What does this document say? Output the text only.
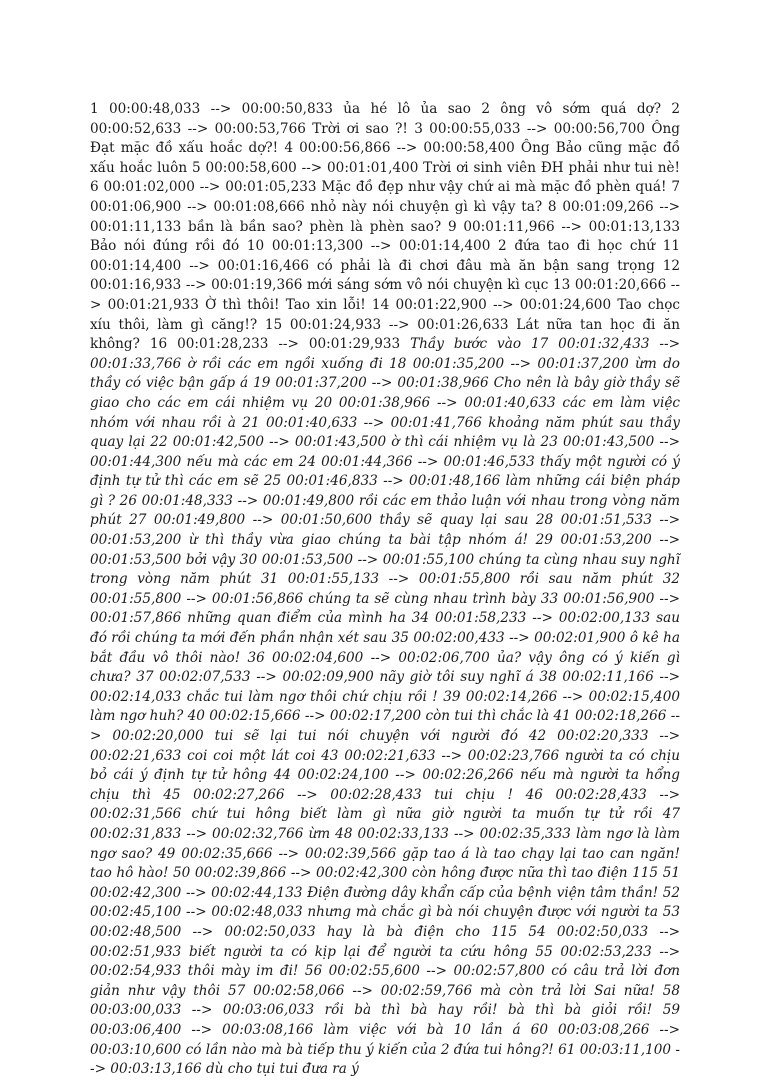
1 00:00:48,033 --> 00:00:50,833 ủa hé lô ủa sao 2 ông vô sớm quá dợ? 2 00:00:52,633 --> 00:00:53,766 Trời ơi sao ?! 3 00:00:55,033 --> 00:00:56,700 Ông Đạt mặc đồ xấu hoắc dợ?! 4 00:00:56,866 --> 00:00:58,400 Ông Bảo cũng mặc đồ xấu hoắc luôn 5 00:00:58,600 --> 00:01:01,400 Trời ơi sinh viên ĐH phải như tui nè! 6 00:01:02,000 --> 00:01:05,233 Mặc đồ đẹp như vậy chứ ai mà mặc đồ phèn quá! 7 00:01:06,900 --> 00:01:08,666 nhỏ này nói chuyện gì kì vậy ta? 8 00:01:09,266 --> 00:01:11,133 bần là bần sao? phèn là phèn sao? 9 00:01:11,966 --> 00:01:13,133 Bảo nói đúng rồi đó 10 00:01:13,300 --> 00:01:14,400 2 đứa tao đi học chứ 11 00:01:14,400 --> 00:01:16,466 có phải là đi chơi đâu mà ăn bận sang trọng 12 00:01:16,933 --> 00:01:19,366 mới sáng sớm vô nói chuyện kì cục 13 00:01:20,666 --> 00:01:21,933 Ờ thì thôi! Tao xin lỗi! 14 00:01:22,900 --> 00:01:24,600 Tao chọc xíu thôi, làm gì căng!? 15 00:01:24,933 --> 00:01:26,633 Lát nữa tan học đi ăn không? 16 00:01:28,233 --> 00:01:29,933 Thầy bước vào 17 00:01:32,433 --> 00:01:33,766 ờ rồi các em ngồi xuống đi 18 00:01:35,200 --> 00:01:37,200 ừm do thầy có việc bận gấp á 19 00:01:37,200 --> 00:01:38,966 Cho nên là bây giờ thầy sẽ giao cho các em cái nhiệm vụ 20 00:01:38,966 --> 00:01:40,633 các em làm việc nhóm với nhau rồi à 21 00:01:40,633 --> 00:01:41,766 khoảng năm phút sau thầy quay lại 22 00:01:42,500 --> 00:01:43,500 ờ thì cái nhiệm vụ là 23 00:01:43,500 --> 00:01:44,300 nếu mà các em 24 00:01:44,366 --> 00:01:46,533 thấy một người có ý định tự tử thì các em sẽ 25 00:01:46,833 --> 00:01:48,166 làm những cái biện pháp gì ? 26 00:01:48,333 --> 00:01:49,800 rồi các em thảo luận với nhau trong vòng năm phút 27 00:01:49,800 --> 00:01:50,600 thầy sẽ quay lại sau 28 00:01:51,533 --> 00:01:53,200 ừ thì thầy vừa giao chúng ta bài tập nhóm á! 29 00:01:53,200 --> 00:01:53,500 bởi vậy 30 00:01:53,500 --> 00:01:55,100 chúng ta cùng nhau suy nghĩ trong vòng năm phút 31 00:01:55,133 --> 00:01:55,800 rồi sau năm phút 32 00:01:55,800 --> 00:01:56,866 chúng ta sẽ cùng nhau trình bày 33 00:01:56,900 --> 00:01:57,866 những quan điểm của mình ha 34 00:01:58,233 --> 00:02:00,133 sau đó rồi chúng ta mới đến phần nhận xét sau 35 00:02:00,433 --> 00:02:01,900 ô kê ha bắt đầu vô thôi nào! 36 00:02:04,600 --> 00:02:06,700 ủa? vậy ông có ý kiến gì chưa? 37 00:02:07,533 --> 00:02:09,900 nãy giờ tôi suy nghĩ á 38 00:02:11,166 --> 00:02:14,033 chắc tui làm ngơ thôi chứ chịu rồi ! 39 00:02:14,266 --> 00:02:15,400 làm ngơ huh? 40 00:02:15,666 --> 00:02:17,200 còn tui thì chắc là 41 00:02:18,266 --> 00:02:20,000 tui sẽ lại tui nói chuyện với người đó 42 00:02:20,333 --> 00:02:21,633 coi coi một lát coi 43 00:02:21,633 --> 00:02:23,766 người ta có chịu bỏ cái ý định tự tử hông 44 00:02:24,100 --> 00:02:26,266 nếu mà người ta hổng chịu thì 45 00:02:27,266 --> 00:02:28,433 tui chịu ! 46 00:02:28,433 --> 00:02:31,566 chứ tui hông biết làm gì nữa giờ người ta muốn tự tử rồi 47 00:02:31,833 --> 00:02:32,766 ừm 48 00:02:33,133 --> 00:02:35,333 làm ngơ là làm ngơ sao? 49 00:02:35,666 --> 00:02:39,566 gặp tao á là tao chạy lại tao can ngăn! tao hô hào! 50 00:02:39,866 --> 00:02:42,300 còn hông được nữa thì tao điện 115 51 00:02:42,300 --> 00:02:44,133 Điện đường dây khẩn cấp của bệnh viện tâm thần! 52 00:02:45,100 --> 00:02:48,033 nhưng mà chắc gì bà nói chuyện được với người ta 53 00:02:48,500 --> 00:02:50,033 hay là bà điện cho 115 54 00:02:50,033 --> 00:02:51,933 biết người ta có kịp lại để người ta cứu hông 55 00:02:53,233 --> 00:02:54,933 thôi mày im đi! 56 00:02:55,600 --> 00:02:57,800 có câu trả lời đơn giản như vậy thôi 57 00:02:58,066 --> 00:02:59,766 mà còn trả lời Sai nữa! 58 00:03:00,033 --> 00:03:06,033 rồi bà thì bà hay rồi! bà thì bà giỏi rồi! 59 00:03:06,400 --> 00:03:08,166 làm việc với bà 10 lần á 60 00:03:08,266 --> 00:03:10,600 có lần nào mà bà tiếp thu ý kiến của 2 đứa tui hông?! 61 00:03:11,100 --> 00:03:13,166 dù cho tụi tui đưa ra ý
